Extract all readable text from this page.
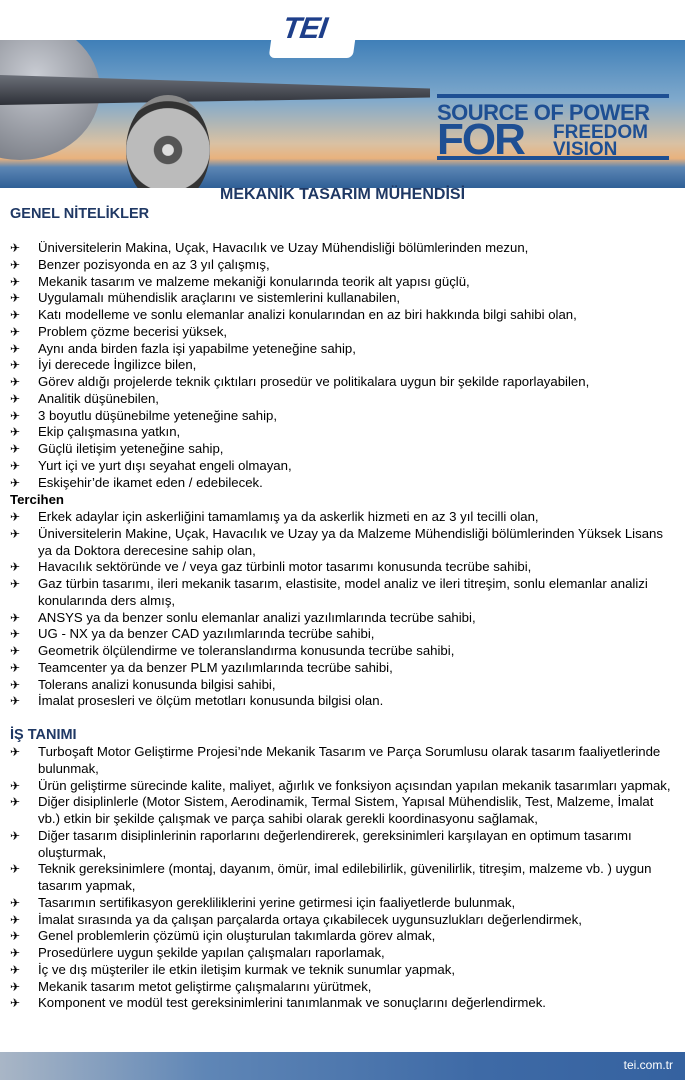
SOURCE OF POWER
FOR FREEDOM
VISION
TEI
MEKANİK TASARIM MÜHENDİSİ
GENEL NİTELİKLER
✈ Üniversitelerin Makina, Uçak, Havacılık ve Uzay Mühendisliği bölümlerinden mezun,
✈ Benzer pozisyonda en az 3 yıl çalışmış,
✈ Mekanik tasarım ve malzeme mekaniği konularında teorik alt yapısı güçlü,
✈ Uygulamalı mühendislik araçlarını ve sistemlerini kullanabilen,
✈ Katı modelleme ve sonlu elemanlar analizi konularından en az biri hakkında bilgi sahibi olan,
✈ Problem çözme becerisi yüksek,
✈ Aynı anda birden fazla işi yapabilme yeteneğine sahip,
✈ İyi derecede İngilizce bilen,
✈ Görev aldığı projelerde teknik çıktıları prosedür ve politikalara uygun bir şekilde raporlayabilen,
✈ Analitik düşünebilen,
✈ 3 boyutlu düşünebilme yeteneğine sahip,
✈ Ekip çalışmasına yatkın,
✈ Güçlü iletişim yeteneğine sahip,
✈ Yurt içi ve yurt dışı seyahat engeli olmayan,
✈ Eskişehir’de ikamet eden / edebilecek.
Tercihen
✈ Erkek adaylar için askerliğini tamamlamış ya da askerlik hizmeti en az 3 yıl tecilli olan,
✈ Üniversitelerin Makine, Uçak, Havacılık ve Uzay ya da Malzeme Mühendisliği bölümlerinden Yüksek Lisans ya da Doktora derecesine sahip olan,
✈ Havacılık sektöründe ve / veya gaz türbinli motor tasarımı konusunda tecrübe sahibi,
✈ Gaz türbin tasarımı, ileri mekanik tasarım, elastisite, model analiz ve ileri titreşim, sonlu elemanlar analizi konularında ders almış,
✈ ANSYS ya da benzer sonlu elemanlar analizi yazılımlarında tecrübe sahibi,
✈ UG - NX ya da benzer CAD yazılımlarında tecrübe sahibi,
✈ Geometrik ölçülendirme ve toleranslandırma konusunda tecrübe sahibi,
✈ Teamcenter ya da benzer PLM yazılımlarında tecrübe sahibi,
✈ Tolerans analizi konusunda bilgisi sahibi,
✈ İmalat prosesleri ve ölçüm metotları konusunda bilgisi olan.
İŞ TANIMI
✈ Turboşaft Motor Geliştirme Projesi’nde Mekanik Tasarım ve Parça Sorumlusu olarak tasarım faaliyetlerinde bulunmak,
✈ Ürün geliştirme sürecinde kalite, maliyet, ağırlık ve fonksiyon açısından yapılan mekanik tasarımları yapmak,
✈ Diğer disiplinlerle (Motor Sistem, Aerodinamik, Termal Sistem, Yapısal Mühendislik, Test, Malzeme, İmalat vb.) etkin bir şekilde çalışmak ve parça sahibi olarak gerekli koordinasyonu sağlamak,
✈ Diğer tasarım disiplinlerinin raporlarını değerlendirerek, gereksinimleri karşılayan en optimum tasarımı oluşturmak,
✈ Teknik gereksinimlere (montaj, dayanım, ömür, imal edilebilirlik, güvenilirlik, titreşim, malzeme vb. ) uygun tasarım yapmak,
✈ Tasarımın sertifikasyon gerekliliklerini yerine getirmesi için faaliyetlerde bulunmak,
✈ İmalat sırasında ya da çalışan parçalarda ortaya çıkabilecek uygunsuzlukları değerlendirmek,
✈ Genel problemlerin çözümü için oluşturulan takımlarda görev almak,
✈ Prosedürlere uygun şekilde yapılan çalışmaları raporlamak,
✈ İç ve dış müşteriler ile etkin iletişim kurmak ve teknik sunumlar yapmak,
✈ Mekanik tasarım metot geliştirme çalışmalarını yürütmek,
✈ Komponent ve modül test gereksinimlerini tanımlanmak ve sonuçlarını değerlendirmek.
tei.com.tr
